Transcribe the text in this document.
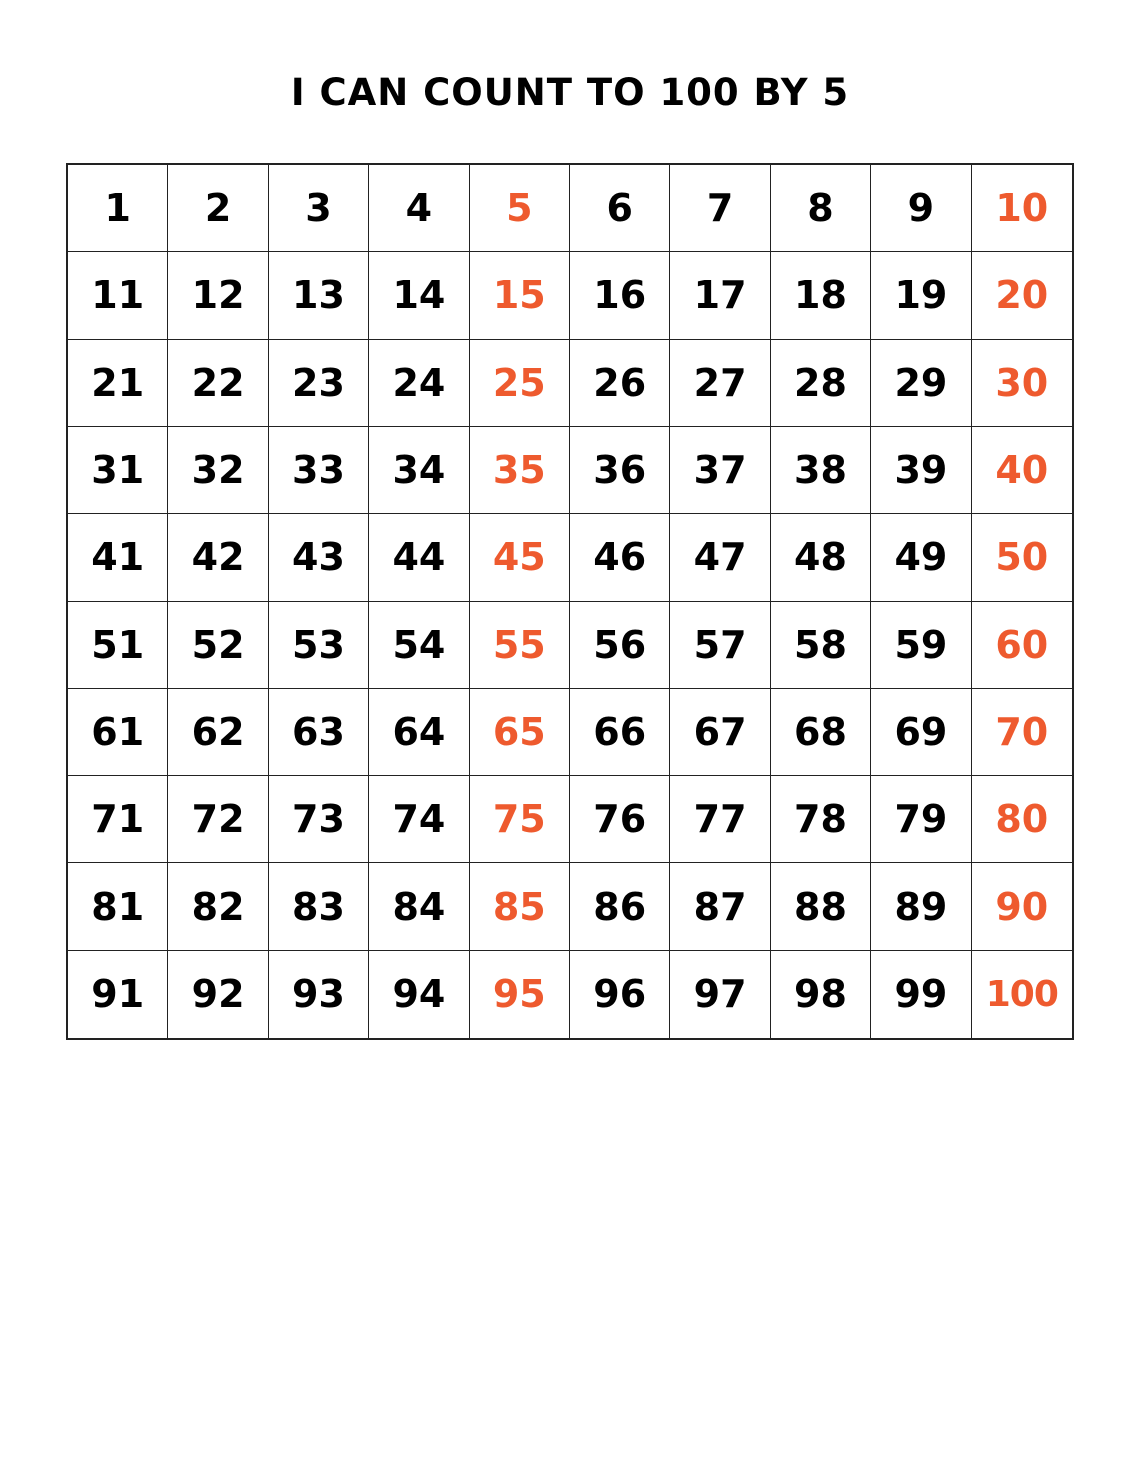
I CAN COUNT TO 100 BY 5
1	2	3	4	5	6	7	8	9	10
11	12	13	14	15	16	17	18	19	20
21	22	23	24	25	26	27	28	29	30
31	32	33	34	35	36	37	38	39	40
41	42	43	44	45	46	47	48	49	50
51	52	53	54	55	56	57	58	59	60
61	62	63	64	65	66	67	68	69	70
71	72	73	74	75	76	77	78	79	80
81	82	83	84	85	86	87	88	89	90
91	92	93	94	95	96	97	98	99	100
